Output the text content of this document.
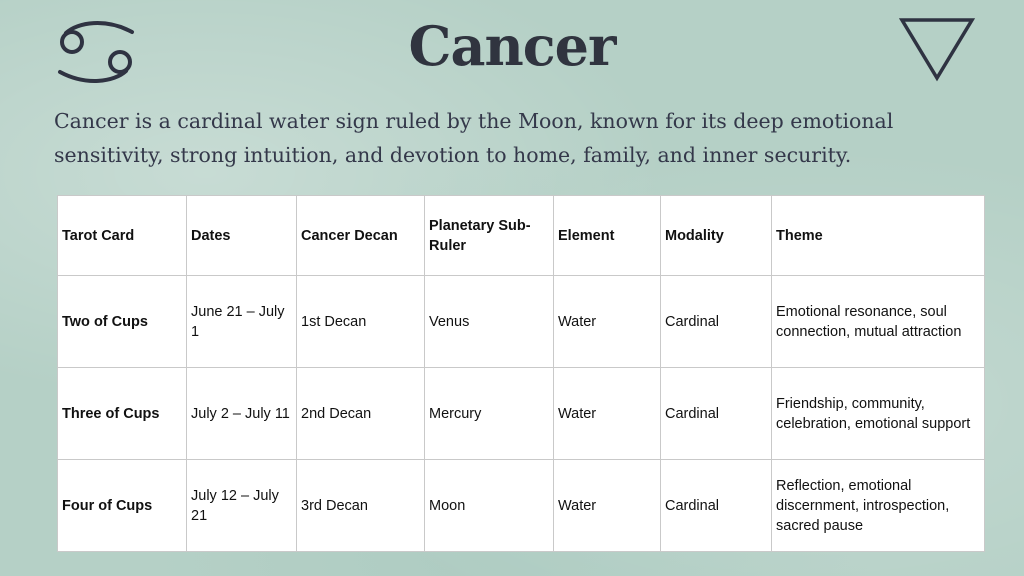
Cancer

Cancer is a cardinal water sign ruled by the Moon, known for its deep emotional sensitivity, strong intuition, and devotion to home, family, and inner security.

Tarot Card	Dates	Cancer Decan	Planetary Sub-Ruler	Element	Modality	Theme
Two of Cups	June 21 – July 1	1st Decan	Venus	Water	Cardinal	Emotional resonance, soul connection, mutual attraction
Three of Cups	July 2 – July 11	2nd Decan	Mercury	Water	Cardinal	Friendship, community, celebration, emotional support
Four of Cups	July 12 – July 21	3rd Decan	Moon	Water	Cardinal	Reflection, emotional discernment, introspection, sacred pause
